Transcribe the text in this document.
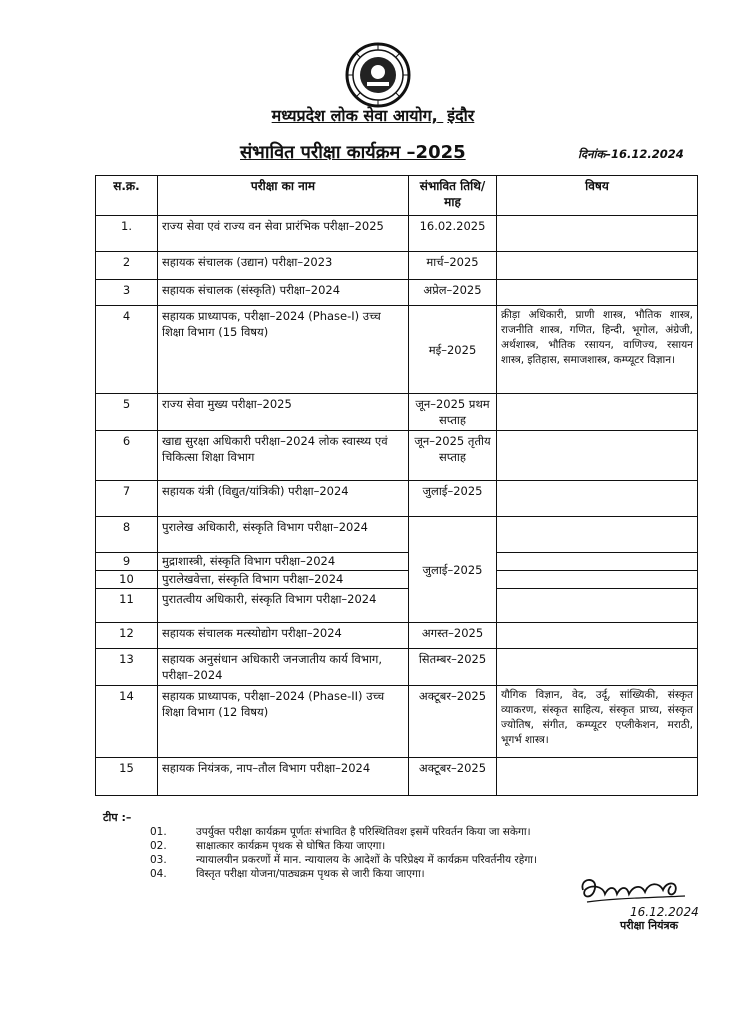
मध्यप्रदेश लोक सेवा आयोग, इंदौर
संभावित परीक्षा कार्यक्रम –2025	दिनांक–16.12.2024
स.क्र.	परीक्षा का नाम	संभावित तिथि/माह	विषय
1.	राज्य सेवा एवं राज्य वन सेवा प्रारंभिक परीक्षा–2025	16.02.2025	
2	सहायक संचालक (उद्यान) परीक्षा–2023	मार्च–2025	
3	सहायक संचालक (संस्कृति) परीक्षा–2024	अप्रेल–2025	
4	सहायक प्राध्यापक, परीक्षा–2024 (Phase-I) उच्च शिक्षा विभाग (15 विषय)	मई–2025	क्रीड़ा अधिकारी, प्राणी शास्त्र, भौतिक शास्त्र, राजनीति शास्त्र, गणित, हिन्दी, भूगोल, अंग्रेजी, अर्थशास्त्र, भौतिक रसायन, वाणिज्य, रसायन शास्त्र, इतिहास, समाजशास्त्र, कम्प्यूटर विज्ञान।
5	राज्य सेवा मुख्य परीक्षा–2025	जून–2025 प्रथम सप्ताह	
6	खाद्य सुरक्षा अधिकारी परीक्षा–2024 लोक स्वास्थ्य एवं चिकित्सा शिक्षा विभाग	जून–2025 तृतीय सप्ताह	
7	सहायक यंत्री (विद्युत/यांत्रिकी) परीक्षा–2024	जुलाई–2025	
8	पुरालेख अधिकारी, संस्कृति विभाग परीक्षा–2024	जुलाई–2025	
9	मुद्राशास्त्री, संस्कृति विभाग परीक्षा–2024		
10	पुरालेखवेत्ता, संस्कृति विभाग परीक्षा–2024		
11	पुरातत्वीय अधिकारी, संस्कृति विभाग परीक्षा–2024		
12	सहायक संचालक मत्स्योद्योग परीक्षा–2024	अगस्त–2025	
13	सहायक अनुसंधान अधिकारी जनजातीय कार्य विभाग, परीक्षा–2024	सितम्बर–2025	
14	सहायक प्राध्यापक, परीक्षा–2024 (Phase-II) उच्च शिक्षा विभाग (12 विषय)	अक्टूबर–2025	यौगिक विज्ञान, वेद, उर्दू, सांख्यिकी, संस्कृत व्याकरण, संस्कृत साहित्य, संस्कृत प्राच्य, संस्कृत ज्योतिष, संगीत, कम्प्यूटर एप्लीकेशन, मराठी, भूगर्भ शास्त्र।
15	सहायक नियंत्रक, नाप–तौल विभाग परीक्षा–2024	अक्टूबर–2025	
टीप :–
01.	उपर्युक्त परीक्षा कार्यक्रम पूर्णतः संभावित है परिस्थितिवश इसमें परिवर्तन किया जा सकेगा।
02.	साक्षात्कार कार्यक्रम पृथक से घोषित किया जाएगा।
03.	न्यायालयीन प्रकरणों में मान. न्यायालय के आदेशों के परिप्रेक्ष्य में कार्यक्रम परिवर्तनीय रहेगा।
04.	विस्तृत परीक्षा योजना/पाठ्यक्रम पृथक से जारी किया जाएगा।
16.12.2024
परीक्षा नियंत्रक
